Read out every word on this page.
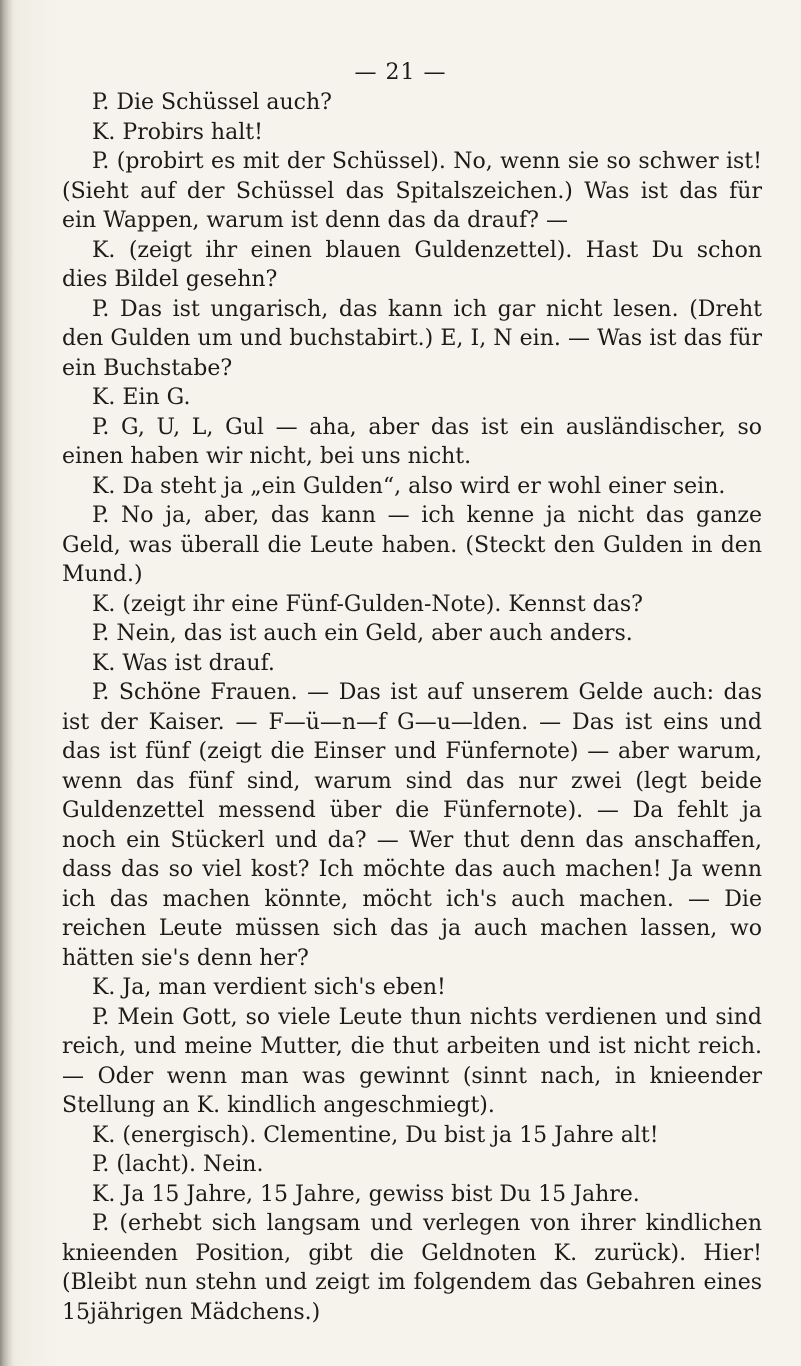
— 21 —

P. Die Schüssel auch?

K. Probirs halt!

P. (probirt es mit der Schüssel). No, wenn sie so schwer ist! (Sieht auf der Schüssel das Spitalszeichen.) Was ist das für ein Wappen, warum ist denn das da drauf? —

K. (zeigt ihr einen blauen Guldenzettel). Hast Du schon dies Bildel gesehn?

P. Das ist ungarisch, das kann ich gar nicht lesen. (Dreht den Gulden um und buchstabirt.) E, I, N ein. — Was ist das für ein Buchstabe?

K. Ein G.

P. G, U, L, Gul — aha, aber das ist ein ausländischer, so einen haben wir nicht, bei uns nicht.

K. Da steht ja „ein Gulden“, also wird er wohl einer sein.

P. No ja, aber, das kann — ich kenne ja nicht das ganze Geld, was überall die Leute haben. (Steckt den Gulden in den Mund.)

K. (zeigt ihr eine Fünf-Gulden-Note). Kennst das?

P. Nein, das ist auch ein Geld, aber auch anders.

K. Was ist drauf.

P. Schöne Frauen. — Das ist auf unserem Gelde auch: das ist der Kaiser. — F—ü—n—f G—u—lden. — Das ist eins und das ist fünf (zeigt die Einser und Fünfernote) — aber warum, wenn das fünf sind, warum sind das nur zwei (legt beide Guldenzettel messend über die Fünfernote). — Da fehlt ja noch ein Stückerl und da? — Wer thut denn das anschaffen, dass das so viel kost? Ich möchte das auch machen! Ja wenn ich das machen könnte, möcht ich's auch machen. — Die reichen Leute müssen sich das ja auch machen lassen, wo hätten sie's denn her?

K. Ja, man verdient sich's eben!

P. Mein Gott, so viele Leute thun nichts verdienen und sind reich, und meine Mutter, die thut arbeiten und ist nicht reich. — Oder wenn man was gewinnt (sinnt nach, in knieender Stellung an K. kindlich angeschmiegt).

K. (energisch). Clementine, Du bist ja 15 Jahre alt!

P. (lacht). Nein.

K. Ja 15 Jahre, 15 Jahre, gewiss bist Du 15 Jahre.

P. (erhebt sich langsam und verlegen von ihrer kindlichen knieenden Position, gibt die Geldnoten K. zurück). Hier! (Bleibt nun stehn und zeigt im folgendem das Gebahren eines 15jährigen Mädchens.)
